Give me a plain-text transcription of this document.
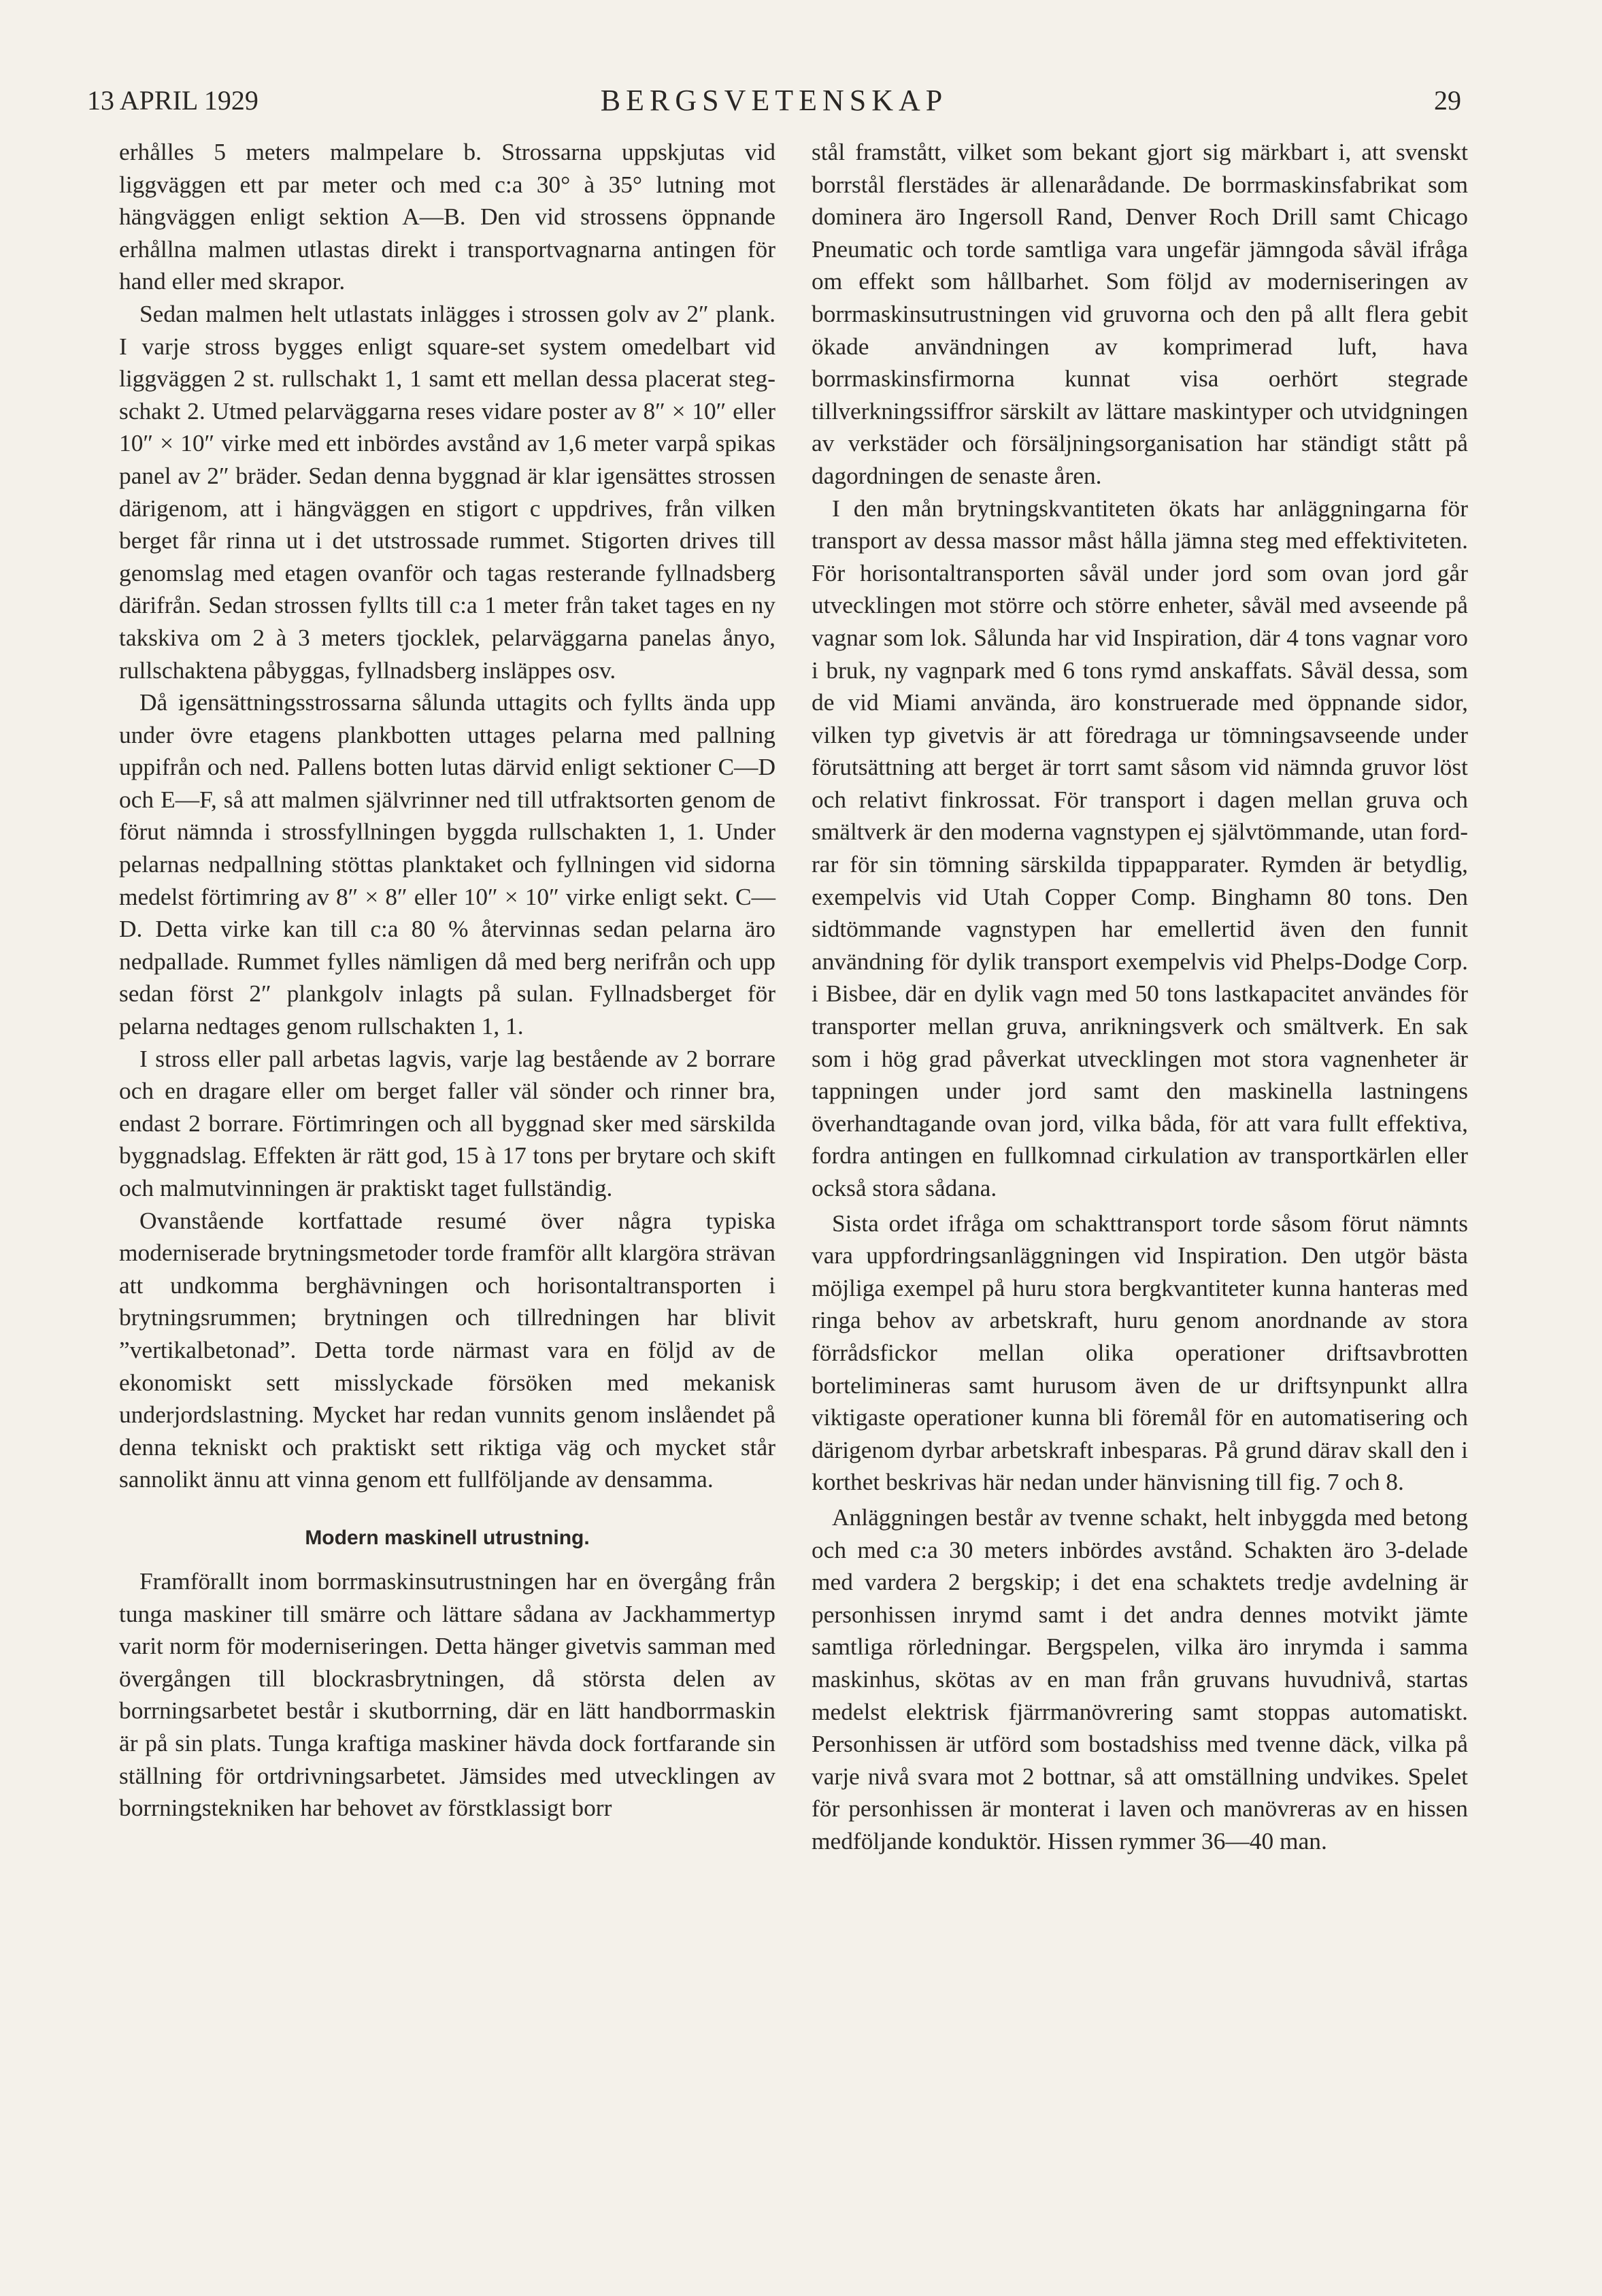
13 APRIL 1929	BERGSVETENSKAP	29

erhålles 5 meters malmpelare b. Strossarna uppskjutas vid liggväggen ett par meter och med c:a 30° à 35° lutning mot hängväggen enligt sektion A—B. Den vid strossens öppnande erhållna malmen utlastas direkt i transportvagnarna antingen för hand eller med skrapor.

Sedan malmen helt utlastats inlägges i strossen golv av 2″ plank. I varje stross bygges enligt square-set system omedelbart vid liggväggen 2 st. rullschakt 1, 1 samt ett mellan dessa placerat stegschakt 2. Utmed pelarväggarna reses vidare poster av 8″ × 10″ eller 10″ × 10″ virke med ett inbördes avstånd av 1,6 meter varpå spikas panel av 2″ bräder. Sedan denna byggnad är klar igensättes strossen därigenom, att i hängväggen en stigort c uppdrives, från vilken berget får rinna ut i det utstrossade rummet. Stigorten drives till genomslag med etagen ovanför och tagas resterande fyllnadsberg därifrån. Sedan strossen fyllts till c:a 1 meter från taket tages en ny takskiva om 2 à 3 meters tjocklek, pelarväggarna panelas ånyo, rullschaktena påbyggas, fyllnadsberg insläppes osv.

Då igensättningsstrossarna sålunda uttagits och fyllts ända upp under övre etagens plankbotten uttages pelarna med pallning uppifrån och ned. Pallens botten lutas därvid enligt sektioner C—D och E—F, så att malmen självrinner ned till utfraktsorten genom de förut nämnda i strossfyllningen byggda rullschakten 1, 1. Under pelarnas nedpallning stöttas planktaket och fyllningen vid sidorna medelst förtimring av 8″ × 8″ eller 10″ × 10″ virke enligt sekt. C—D. Detta virke kan till c:a 80 % återvinnas sedan pelarna äro nedpallade. Rummet fylles nämligen då med berg nerifrån och upp sedan först 2″ plankgolv inlagts på sulan. Fyllnadsberget för pelarna nedtages genom rullschakten 1, 1.

I stross eller pall arbetas lagvis, varje lag bestående av 2 borrare och en dragare eller om berget faller väl sönder och rinner bra, endast 2 borrare. Förtimringen och all byggnad sker med särskilda byggnadslag. Effekten är rätt god, 15 à 17 tons per brytare och skift och malmutvinningen är praktiskt taget fullständig.

Ovanstående kortfattade resumé över några typiska moderniserade brytningsmetoder torde framför allt klargöra strävan att undkomma berghävningen och horisontaltransporten i brytningsrummen; brytningen och tillredningen har blivit ”vertikalbetonad”. Detta torde närmast vara en följd av de ekonomiskt sett misslyckade försöken med mekanisk underjordslastning. Mycket har redan vunnits genom inslåendet på denna tekniskt och praktiskt sett riktiga väg och mycket står sannolikt ännu att vinna genom ett fullföljande av densamma.

Modern maskinell utrustning.

Framförallt inom borrmaskinsutrustningen har en övergång från tunga maskiner till smärre och lättare sådana av Jackhammertyp varit norm för moderniseringen. Detta hänger givetvis samman med övergången till blockrasbrytningen, då största delen av borrningsarbetet består i skutborrning, där en lätt handborrmaskin är på sin plats. Tunga kraftiga maskiner hävda dock fortfarande sin ställning för ortdrivningsarbetet. Jämsides med utvecklingen av borrningstekniken har behovet av förstklassigt borr

stål framstått, vilket som bekant gjort sig märkbart i, att svenskt borrstål flerstädes är allenarådande. De borrmaskinsfabrikat som dominera äro Ingersoll Rand, Denver Roch Drill samt Chicago Pneumatic och torde samtliga vara ungefär jämngoda såväl ifråga om effekt som hållbarhet. Som följd av moderniseringen av borrmaskinsutrustningen vid gruvorna och den på allt flera gebit ökade användningen av komprimerad luft, hava borrmaskinsfirmorna kunnat visa oerhört stegrade tillverkningssiffror särskilt av lättare maskintyper och utvidgningen av verkstäder och försäljningsorganisation har ständigt stått på dagordningen de senaste åren.

I den mån brytningskvantiteten ökats har anläggningarna för transport av dessa massor måst hålla jämna steg med effektiviteten. För horisontaltransporten såväl under jord som ovan jord går utvecklingen mot större och större enheter, såväl med avseende på vagnar som lok. Sålunda har vid Inspiration, där 4 tons vagnar voro i bruk, ny vagnpark med 6 tons rymd anskaffats. Såväl dessa, som de vid Miami använda, äro konstruerade med öppnande sidor, vilken typ givetvis är att föredraga ur tömningsavseende under förutsättning att berget är torrt samt såsom vid nämnda gruvor löst och relativt finkrossat. För transport i dagen mellan gruva och smältverk är den moderna vagnstypen ej självtömmande, utan fordrar för sin tömning särskilda tippapparater. Rymden är betydlig, exempelvis vid Utah Copper Comp. Binghamn 80 tons. Den sidtömmande vagnstypen har emellertid även den funnit användning för dylik transport exempelvis vid Phelps-Dodge Corp. i Bisbee, där en dylik vagn med 50 tons lastkapacitet användes för transporter mellan gruva, anrikningsverk och smältverk. En sak som i hög grad påverkat utvecklingen mot stora vagnenheter är tappningen under jord samt den maskinella lastningens överhandtagande ovan jord, vilka båda, för att vara fullt effektiva, fordra antingen en fullkomnad cirkulation av transportkärlen eller också stora sådana.

Sista ordet ifråga om schakttransport torde såsom förut nämnts vara uppfordringsanläggningen vid Inspiration. Den utgör bästa möjliga exempel på huru stora bergkvantiteter kunna hanteras med ringa behov av arbetskraft, huru genom anordnande av stora förrådsfickor mellan olika operationer driftsavbrotten bortelimineras samt hurusom även de ur driftsynpunkt allra viktigaste operationer kunna bli föremål för en automatisering och därigenom dyrbar arbetskraft inbesparas. På grund därav skall den i korthet beskrivas här nedan under hänvisning till fig. 7 och 8.

Anläggningen består av tvenne schakt, helt inbyggda med betong och med c:a 30 meters inbördes avstånd. Schakten äro 3-delade med vardera 2 bergskip; i det ena schaktets tredje avdelning är personhissen inrymd samt i det andra dennes motvikt jämte samtliga rörledningar. Bergspelen, vilka äro inrymda i samma maskinhus, skötas av en man från gruvans huvudnivå, startas medelst elektrisk fjärrmanövrering samt stoppas automatiskt. Personhissen är utförd som bostadshiss med tvenne däck, vilka på varje nivå svara mot 2 bottnar, så att omställning undvikes. Spelet för personhissen är monterat i laven och manövreras av en hissen medföljande konduktör. Hissen rymmer 36—40 man.
